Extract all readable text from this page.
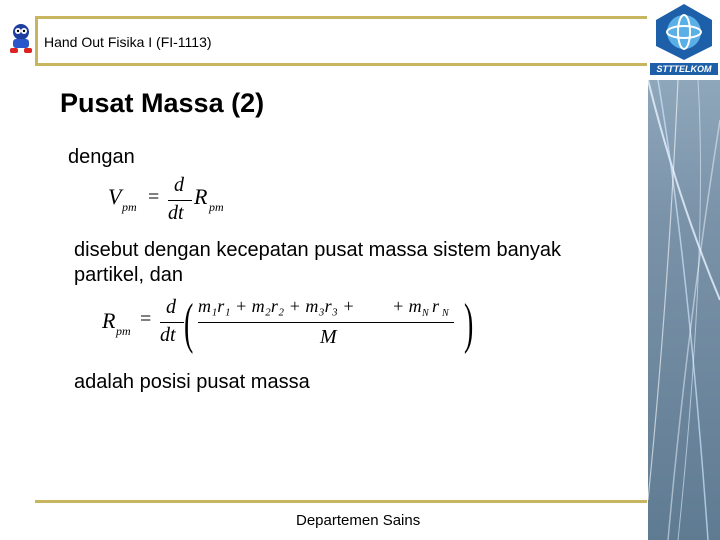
Hand Out Fisika I (FI-1113)
STTTELKOM
Pusat Massa (2)
dengan
V pm =
d
dt
R pm
disebut dengan kecepatan pusat massa sistem banyak
partikel, dan
R pm
=
d
dt ( m₁r₁ + m₂r₂ + m₃r₃ + + m N r N
M )
adalah posisi pusat massa
Departemen Sains
